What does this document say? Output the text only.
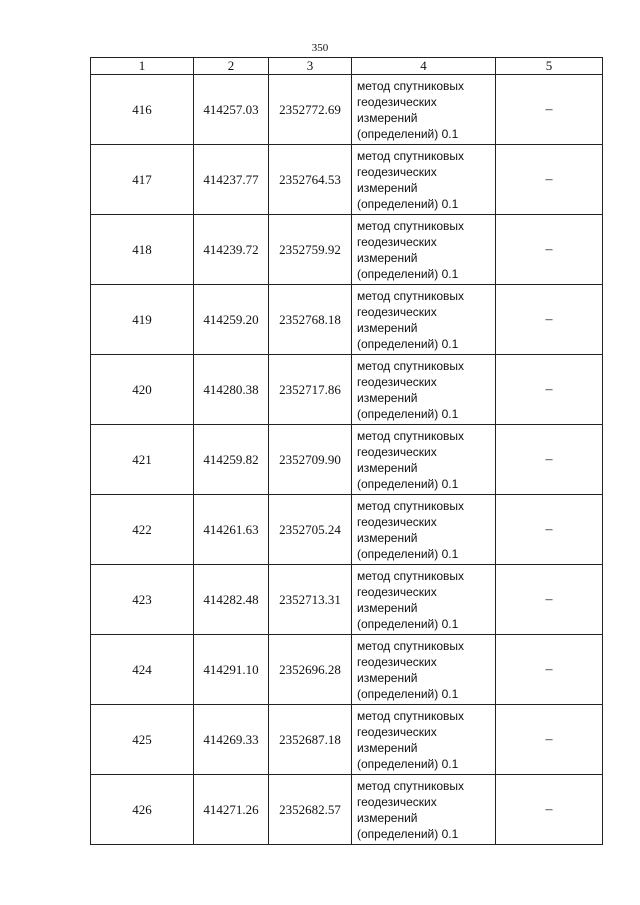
350
1	2	3	4	5
416	414257.03	2352772.69	метод спутниковых геодезических измерений (определений) 0.1	–
417	414237.77	2352764.53	метод спутниковых геодезических измерений (определений) 0.1	–
418	414239.72	2352759.92	метод спутниковых геодезических измерений (определений) 0.1	–
419	414259.20	2352768.18	метод спутниковых геодезических измерений (определений) 0.1	–
420	414280.38	2352717.86	метод спутниковых геодезических измерений (определений) 0.1	–
421	414259.82	2352709.90	метод спутниковых геодезических измерений (определений) 0.1	–
422	414261.63	2352705.24	метод спутниковых геодезических измерений (определений) 0.1	–
423	414282.48	2352713.31	метод спутниковых геодезических измерений (определений) 0.1	–
424	414291.10	2352696.28	метод спутниковых геодезических измерений (определений) 0.1	–
425	414269.33	2352687.18	метод спутниковых геодезических измерений (определений) 0.1	–
426	414271.26	2352682.57	метод спутниковых геодезических измерений (определений) 0.1	–
